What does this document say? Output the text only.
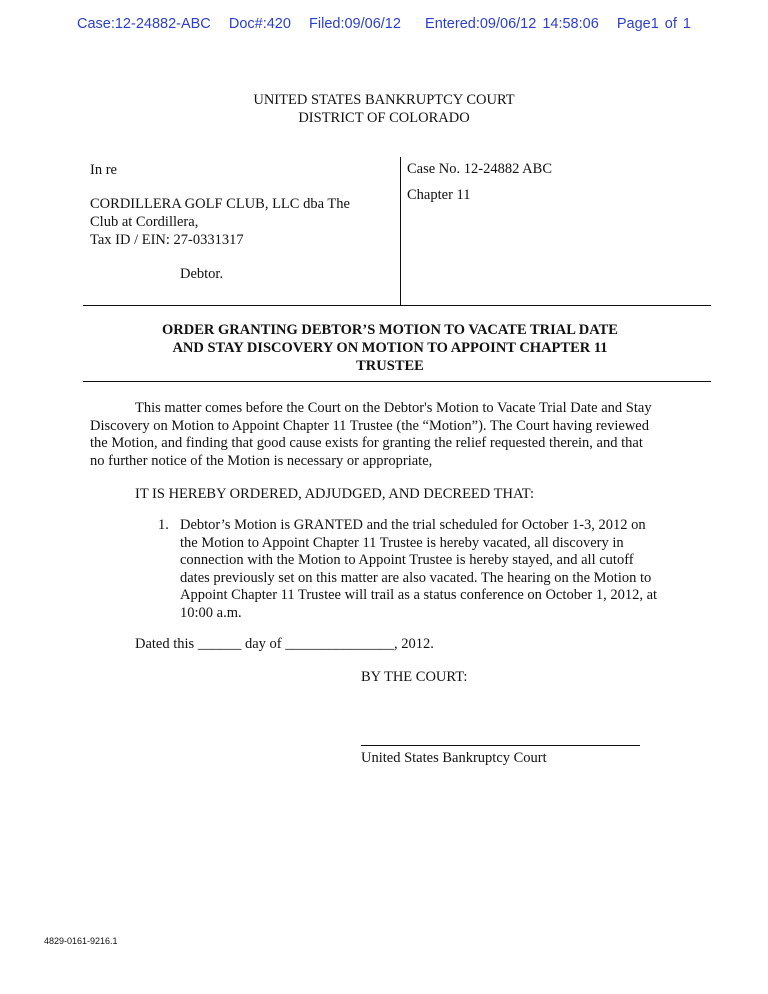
Case:12-24882-ABC   Doc#:420   Filed:09/06/12    Entered:09/06/12 14:58:06   Page1 of 1
UNITED STATES BANKRUPTCY COURT
DISTRICT OF COLORADO
In re
CORDILLERA GOLF CLUB, LLC dba The
Club at Cordillera,
Tax ID / EIN: 27-0331317
Debtor.
Case No. 12-24882 ABC
Chapter 11
ORDER GRANTING DEBTOR’S MOTION TO VACATE TRIAL DATE
AND STAY DISCOVERY ON MOTION TO APPOINT CHAPTER 11
TRUSTEE
This matter comes before the Court on the Debtor's Motion to Vacate Trial Date and Stay
Discovery on Motion to Appoint Chapter 11 Trustee (the “Motion”). The Court having reviewed
the Motion, and finding that good cause exists for granting the relief requested therein, and that
no further notice of the Motion is necessary or appropriate,
IT IS HEREBY ORDERED, ADJUDGED, AND DECREED THAT:
1. Debtor’s Motion is GRANTED and the trial scheduled for October 1-3, 2012 on
the Motion to Appoint Chapter 11 Trustee is hereby vacated, all discovery in
connection with the Motion to Appoint Trustee is hereby stayed, and all cutoff
dates previously set on this matter are also vacated. The hearing on the Motion to
Appoint Chapter 11 Trustee will trail as a status conference on October 1, 2012, at
10:00 a.m.
Dated this ______ day of _______________, 2012.
BY THE COURT:
United States Bankruptcy Court
4829-0161-9216.1
